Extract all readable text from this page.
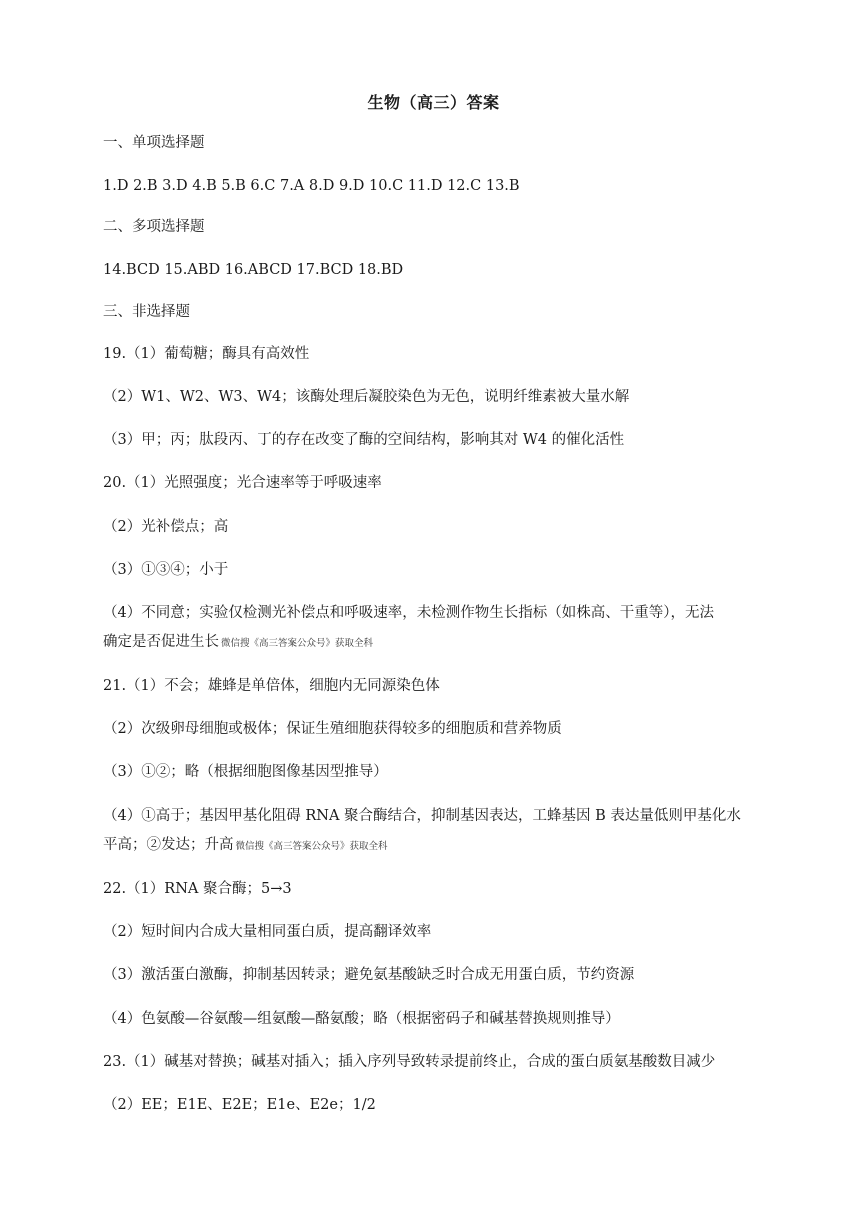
生物（高三）答案
一、单项选择题
1.D 2.B 3.D 4.B 5.B 6.C 7.A 8.D 9.D 10.C 11.D 12.C 13.B
二、多项选择题
14.BCD 15.ABD 16.ABCD 17.BCD 18.BD
三、非选择题
19.（1）葡萄糖；酶具有高效性
（2）W1、W2、W3、W4；该酶处理后凝胶染色为无色，说明纤维素被大量水解
（3）甲；丙；肽段丙、丁的存在改变了酶的空间结构，影响其对 W4 的催化活性
20.（1）光照强度；光合速率等于呼吸速率
（2）光补偿点；高
（3）①③④；小于
（4）不同意；实验仅检测光补偿点和呼吸速率，未检测作物生长指标（如株高、干重等），无法
确定是否促进生长 微信搜《高三答案公众号》获取全科
21.（1）不会；雄蜂是单倍体，细胞内无同源染色体
（2）次级卵母细胞或极体；保证生殖细胞获得较多的细胞质和营养物质
（3）①②；略（根据细胞图像基因型推导）
（4）①高于；基因甲基化阻碍 RNA 聚合酶结合，抑制基因表达，工蜂基因 B 表达量低则甲基化水
平高；②发达；升高 微信搜《高三答案公众号》获取全科
22.（1）RNA 聚合酶；5→3
（2）短时间内合成大量相同蛋白质，提高翻译效率
（3）激活蛋白激酶，抑制基因转录；避免氨基酸缺乏时合成无用蛋白质，节约资源
（4）色氨酸—谷氨酸—组氨酸—酪氨酸；略（根据密码子和碱基替换规则推导）
23.（1）碱基对替换；碱基对插入；插入序列导致转录提前终止，合成的蛋白质氨基酸数目减少
（2）EE；E1E、E2E；E1e、E2e；1/2
